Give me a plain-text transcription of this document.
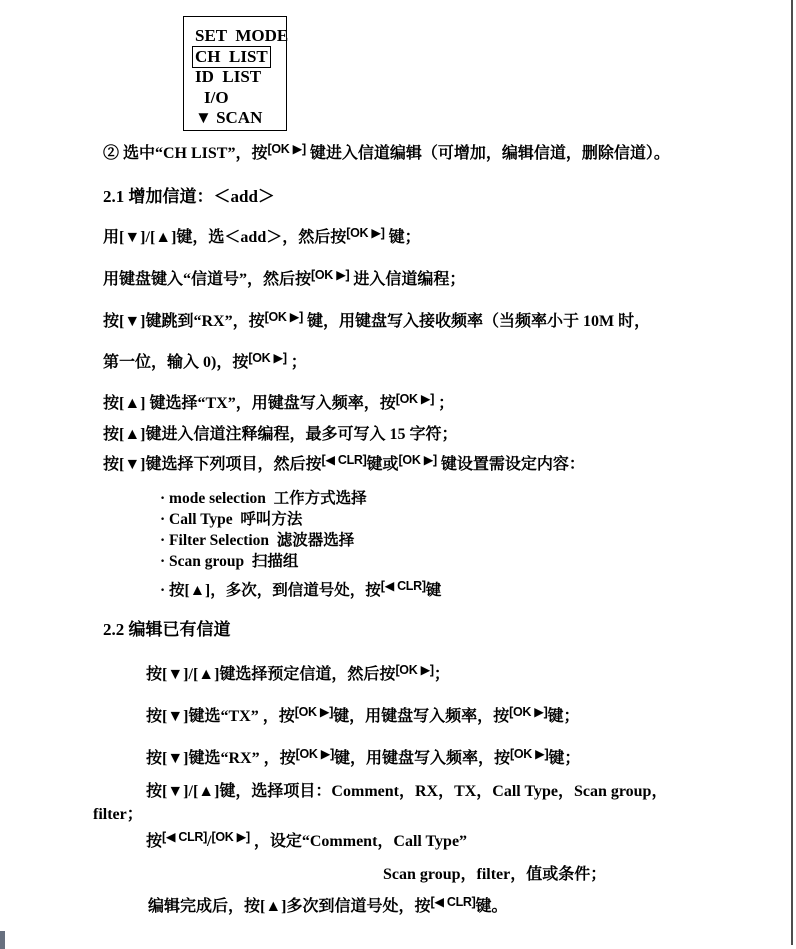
SET  MODE
CH  LIST
ID  LIST
I/O
▼ SCAN

② 选中“CH LIST”，按[OK ▶] 键进入信道编辑（可增加，编辑信道，删除信道）。

2.1 增加信道：＜add＞

用[▼]/[▲]键，选＜add＞，然后按[OK ▶] 键；

用键盘键入“信道号”，然后按[OK ▶] 进入信道编程；

按[▼]键跳到“RX”，按[OK ▶] 键，用键盘写入接收频率（当频率小于 10M 时，

第一位，输入 0)，按[OK ▶] ；

按[▲] 键选择“TX”，用键盘写入频率，按[OK ▶] ；

按[▲]键进入信道注释编程，最多可写入 15 字符；

按[▼]键选择下列项目，然后按[◀ CLR]键或[OK ▶] 键设置需设定内容：

· mode selection  工作方式选择

· Call Type  呼叫方法

· Filter Selection  滤波器选择

· Scan group  扫描组

· 按[▲]，多次，到信道号处，按[◀ CLR]键

2.2 编辑已有信道

按[▼]/[▲]键选择预定信道，然后按[OK ▶]；

按[▼]键选“TX” ，按[OK ▶]键，用键盘写入频率，按[OK ▶]键；

按[▼]键选“RX” ，按[OK ▶]键，用键盘写入频率，按[OK ▶]键；

按[▼]/[▲]键，选择项目：Comment，RX，TX，Call Type，Scan group，

filter；

按[◀ CLR]/[OK ▶] ，设定“Comment，Call Type”

Scan group，filter，值或条件；

编辑完成后，按[▲]多次到信道号处，按[◀ CLR]键。
